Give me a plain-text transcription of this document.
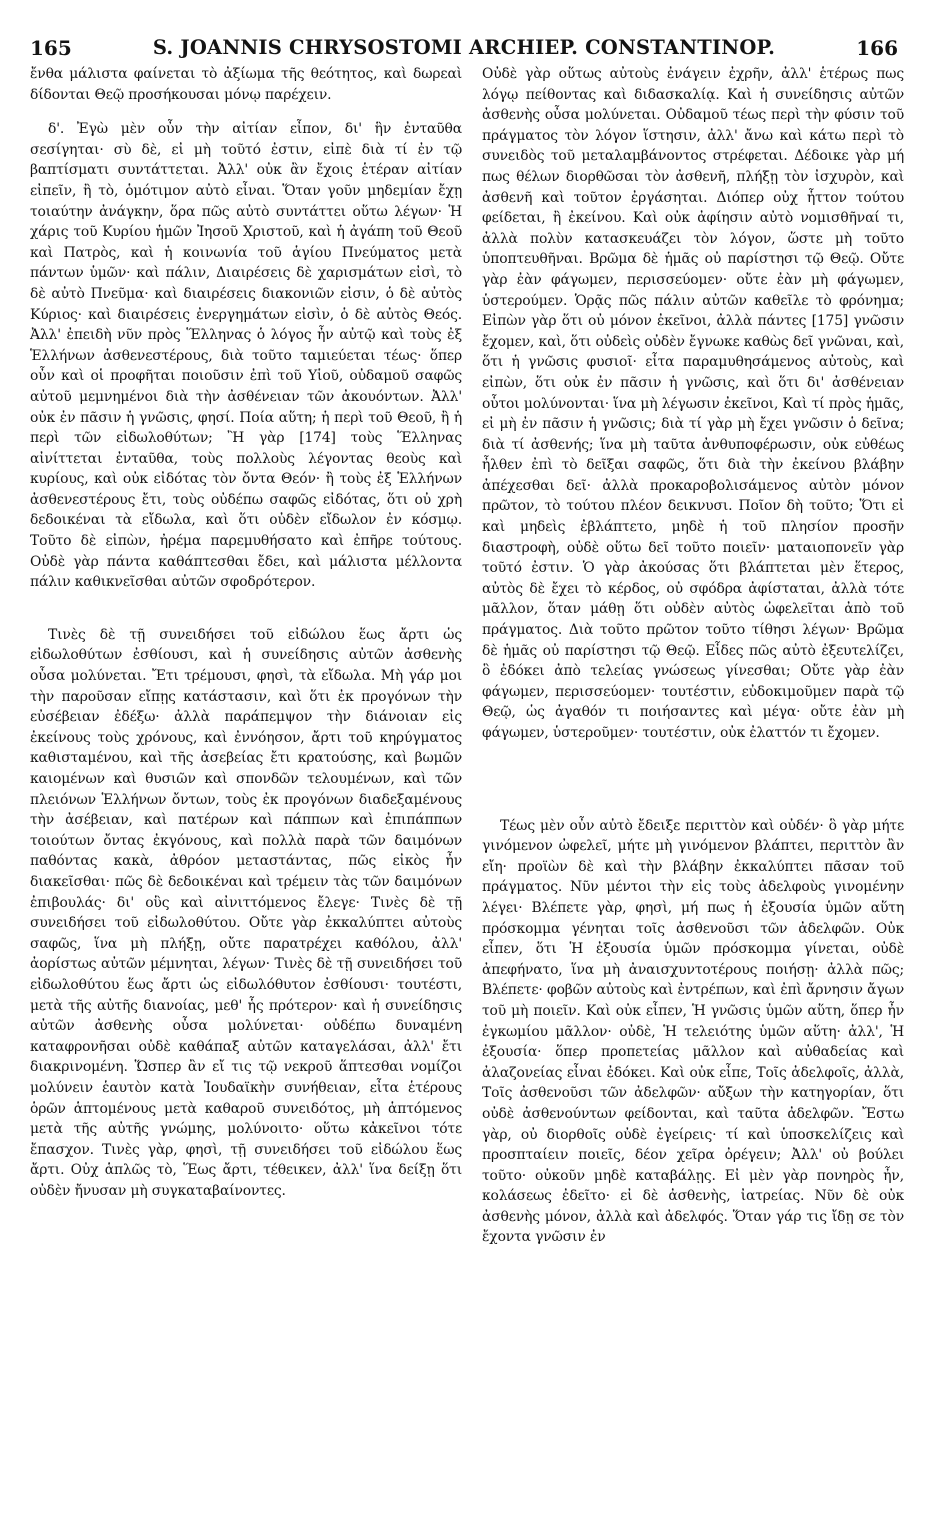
165	S. JOANNIS CHRYSOSTOMI ARCHIEP. CONSTANTINOP.	166

ἔνθα μάλιστα φαίνεται τὸ ἀξίωμα τῆς θεότητος, καὶ δωρεαὶ δίδονται Θεῷ προσήκουσαι μόνῳ παρέχειν.

δ'. Ἐγὼ μὲν οὖν τὴν αἰτίαν εἶπον, δι' ἣν ἐνταῦθα σεσίγηται· σὺ δὲ, εἰ μὴ τοῦτό ἐστιν, εἰπὲ διὰ τί ἐν τῷ βαπτίσματι συντάττεται. Ἀλλ' οὐκ ἂν ἔχοις ἑτέραν αἰτίαν εἰπεῖν, ἢ τὸ, ὁμότιμον αὐτὸ εἶναι. Ὅταν γοῦν μηδεμίαν ἔχῃ τοιαύτην ἀνάγκην, ὅρα πῶς αὐτὸ συντάττει οὕτω λέγων· Ἡ χάρις τοῦ Κυρίου ἡμῶν Ἰησοῦ Χριστοῦ, καὶ ἡ ἀγάπη τοῦ Θεοῦ καὶ Πατρὸς, καὶ ἡ κοινωνία τοῦ ἁγίου Πνεύματος μετὰ πάντων ὑμῶν· καὶ πάλιν, Διαιρέσεις δὲ χαρισμάτων εἰσὶ, τὸ δὲ αὐτὸ Πνεῦμα· καὶ διαιρέσεις διακονιῶν εἰσιν, ὁ δὲ αὐτὸς Κύριος· καὶ διαιρέσεις ἐνεργημάτων εἰσὶν, ὁ δὲ αὐτὸς Θεός. Ἀλλ' ἐπειδὴ νῦν πρὸς Ἕλληνας ὁ λόγος ἦν αὐτῷ καὶ τοὺς ἐξ Ἑλλήνων ἀσθενεστέρους, διὰ τοῦτο ταμιεύεται τέως· ὅπερ οὖν καὶ οἱ προφῆται ποιοῦσιν ἐπὶ τοῦ Υἱοῦ, οὐδαμοῦ σαφῶς αὐτοῦ μεμνημένοι διὰ τὴν ἀσθένειαν τῶν ἀκουόντων. Ἀλλ' οὐκ ἐν πᾶσιν ἡ γνῶσις, φησί. Ποία αὕτη; ἡ περὶ τοῦ Θεοῦ, ἢ ἡ περὶ τῶν εἰδωλοθύτων; Ἢ γὰρ [174] τοὺς Ἕλληνας αἰνίττεται ἐνταῦθα, τοὺς πολλοὺς λέγοντας θεοὺς καὶ κυρίους, καὶ οὐκ εἰδότας τὸν ὄντα Θεόν· ἢ τοὺς ἐξ Ἑλλήνων ἀσθενεστέρους ἔτι, τοὺς οὐδέπω σαφῶς εἰδότας, ὅτι οὐ χρὴ δεδοικέναι τὰ εἴδωλα, καὶ ὅτι οὐδὲν εἴδωλον ἐν κόσμῳ. Τοῦτο δὲ εἰπὼν, ἠρέμα παρεμυθήσατο καὶ ἐπῆρε τούτους. Οὐδὲ γὰρ πάντα καθάπτεσθαι ἔδει, καὶ μάλιστα μέλλοντα πάλιν καθικνεῖσθαι αὐτῶν σφοδρότερον.

Τινὲς δὲ τῇ συνειδήσει τοῦ εἰδώλου ἕως ἄρτι ὡς εἰδωλοθύτων ἐσθίουσι, καὶ ἡ συνείδησις αὐτῶν ἀσθενὴς οὖσα μολύνεται. Ἔτι τρέμουσι, φησὶ, τὰ εἴδωλα. Μὴ γάρ μοι τὴν παροῦσαν εἴπῃς κατάστασιν, καὶ ὅτι ἐκ προγόνων τὴν εὐσέβειαν ἐδέξω· ἀλλὰ παράπεμψον τὴν διάνοιαν εἰς ἐκείνους τοὺς χρόνους, καὶ ἐννόησον, ἄρτι τοῦ κηρύγματος καθισταμένου, καὶ τῆς ἀσεβείας ἔτι κρατούσης, καὶ βωμῶν καιομένων καὶ θυσιῶν καὶ σπονδῶν τελουμένων, καὶ τῶν πλειόνων Ἑλλήνων ὄντων, τοὺς ἐκ προγόνων διαδεξαμένους τὴν ἀσέβειαν, καὶ πατέρων καὶ πάππων καὶ ἐπιπάππων τοιούτων ὄντας ἐκγόνους, καὶ πολλὰ παρὰ τῶν δαιμόνων παθόντας κακὰ, ἀθρόον μεταστάντας, πῶς εἰκὸς ἦν διακεῖσθαι· πῶς δὲ δεδοικέναι καὶ τρέμειν τὰς τῶν δαιμόνων ἐπιβουλάς· δι' οὓς καὶ αἰνιττόμενος ἔλεγε· Τινὲς δὲ τῇ συνειδήσει τοῦ εἰδωλοθύτου. Οὔτε γὰρ ἐκκαλύπτει αὐτοὺς σαφῶς, ἵνα μὴ πλήξῃ, οὔτε παρατρέχει καθόλου, ἀλλ' ἀορίστως αὐτῶν μέμνηται, λέγων· Τινὲς δὲ τῇ συνειδήσει τοῦ εἰδωλοθύτου ἕως ἄρτι ὡς εἰδωλόθυτον ἐσθίουσι· τουτέστι, μετὰ τῆς αὐτῆς διανοίας, μεθ' ἧς πρότερον· καὶ ἡ συνείδησις αὐτῶν ἀσθενὴς οὖσα μολύνεται· οὐδέπω δυναμένη καταφρονῆσαι οὐδὲ καθάπαξ αὐτῶν καταγελάσαι, ἀλλ' ἔτι διακρινομένη. Ὥσπερ ἂν εἴ τις τῷ νεκροῦ ἅπτεσθαι νομίζοι μολύνειν ἑαυτὸν κατὰ Ἰουδαϊκὴν συνήθειαν, εἶτα ἑτέρους ὁρῶν ἁπτομένους μετὰ καθαροῦ συνειδότος, μὴ ἁπτόμενος μετὰ τῆς αὐτῆς γνώμης, μολύνοιτο· οὕτω κἀκεῖνοι τότε ἔπασχον. Τινὲς γὰρ, φησὶ, τῇ συνειδήσει τοῦ εἰδώλου ἕως ἄρτι. Οὐχ ἁπλῶς τὸ, Ἕως ἄρτι, τέθεικεν, ἀλλ' ἵνα δείξῃ ὅτι οὐδὲν ἤνυσαν μὴ συγκαταβαίνοντες.

Οὐδὲ γὰρ οὕτως αὐτοὺς ἐνάγειν ἐχρῆν, ἀλλ' ἑτέρως πως λόγῳ πείθοντας καὶ διδασκαλίᾳ. Καὶ ἡ συνείδησις αὐτῶν ἀσθενὴς οὖσα μολύνεται. Οὐδαμοῦ τέως περὶ τὴν φύσιν τοῦ πράγματος τὸν λόγον ἵστησιν, ἀλλ' ἄνω καὶ κάτω περὶ τὸ συνειδὸς τοῦ μεταλαμβάνοντος στρέφεται. Δέδοικε γὰρ μή πως θέλων διορθῶσαι τὸν ἀσθενῆ, πλήξῃ τὸν ἰσχυρὸν, καὶ ἀσθενῆ καὶ τοῦτον ἐργάσηται. Διόπερ οὐχ ἧττον τούτου φείδεται, ἢ ἐκείνου. Καὶ οὐκ ἀφίησιν αὐτὸ νομισθῆναί τι, ἀλλὰ πολὺν κατασκευάζει τὸν λόγον, ὥστε μὴ τοῦτο ὑποπτευθῆναι. Βρῶμα δὲ ἡμᾶς οὐ παρίστησι τῷ Θεῷ. Οὔτε γὰρ ἐὰν φάγωμεν, περισσεύομεν· οὔτε ἐὰν μὴ φάγωμεν, ὑστερούμεν. Ὁρᾷς πῶς πάλιν αὐτῶν καθεῖλε τὸ φρόνημα; Εἰπὼν γὰρ ὅτι οὐ μόνον ἐκεῖνοι, ἀλλὰ πάντες [175] γνῶσιν ἔχομεν, καὶ, ὅτι οὐδεὶς οὐδὲν ἔγνωκε καθὼς δεῖ γνῶναι, καὶ, ὅτι ἡ γνῶσις φυσιοῖ· εἶτα παραμυθησάμενος αὐτοὺς, καὶ εἰπὼν, ὅτι οὐκ ἐν πᾶσιν ἡ γνῶσις, καὶ ὅτι δι' ἀσθένειαν οὗτοι μολύνονται· ἵνα μὴ λέγωσιν ἐκεῖνοι, Καὶ τί πρὸς ἡμᾶς, εἰ μὴ ἐν πᾶσιν ἡ γνῶσις; διὰ τί γὰρ μὴ ἔχει γνῶσιν ὁ δεῖνα; διὰ τί ἀσθενής; ἵνα μὴ ταῦτα ἀνθυποφέρωσιν, οὐκ εὐθέως ἦλθεν ἐπὶ τὸ δεῖξαι σαφῶς, ὅτι διὰ τὴν ἐκείνου βλάβην ἀπέχεσθαι δεῖ· ἀλλὰ προκαροβολισάμενος αὐτὸν μόνον πρῶτον, τὸ τούτου πλέον δεικνυσι. Ποῖον δὴ τοῦτο; Ὅτι εἰ καὶ μηδεὶς ἐβλάπτετο, μηδὲ ἡ τοῦ πλησίον προσῆν διαστροφὴ, οὐδὲ οὕτω δεῖ τοῦτο ποιεῖν· ματαιοπονεῖν γὰρ τοῦτό ἐστιν. Ὁ γὰρ ἀκούσας ὅτι βλάπτεται μὲν ἕτερος, αὐτὸς δὲ ἔχει τὸ κέρδος, οὐ σφόδρα ἀφίσταται, ἀλλὰ τότε μᾶλλον, ὅταν μάθῃ ὅτι οὐδὲν αὐτὸς ὠφελεῖται ἀπὸ τοῦ πράγματος. Διὰ τοῦτο πρῶτον τοῦτο τίθησι λέγων· Βρῶμα δὲ ἡμᾶς οὐ παρίστησι τῷ Θεῷ. Εἶδες πῶς αὐτὸ ἐξευτελίζει, ὃ ἐδόκει ἀπὸ τελείας γνώσεως γίνεσθαι; Οὔτε γὰρ ἐὰν φάγωμεν, περισσεύομεν· τουτέστιν, εὐδοκιμοῦμεν παρὰ τῷ Θεῷ, ὡς ἀγαθόν τι ποιήσαντες καὶ μέγα· οὔτε ἐὰν μὴ φάγωμεν, ὑστεροῦμεν· τουτέστιν, οὐκ ἐλαττόν τι ἔχομεν.

Τέως μὲν οὖν αὐτὸ ἔδειξε περιττὸν καὶ οὐδέν· ὃ γὰρ μήτε γινόμενον ὠφελεῖ, μήτε μὴ γινόμενον βλάπτει, περιττὸν ἂν εἴη· προϊὼν δὲ καὶ τὴν βλάβην ἐκκαλύπτει πᾶσαν τοῦ πράγματος. Νῦν μέντοι τὴν εἰς τοὺς ἀδελφοὺς γινομένην λέγει· Βλέπετε γὰρ, φησὶ, μή πως ἡ ἐξουσία ὑμῶν αὕτη πρόσκομμα γένηται τοῖς ἀσθενοῦσι τῶν ἀδελφῶν. Οὐκ εἶπεν, ὅτι Ἡ ἐξουσία ὑμῶν πρόσκομμα γίνεται, οὐδὲ ἀπεφήνατο, ἵνα μὴ ἀναισχυντοτέρους ποιήσῃ· ἀλλὰ πῶς; Βλέπετε· φοβῶν αὐτοὺς καὶ ἐντρέπων, καὶ ἐπὶ ἄρνησιν ἄγων τοῦ μὴ ποιεῖν. Καὶ οὐκ εἶπεν, Ἡ γνῶσις ὑμῶν αὕτη, ὅπερ ἦν ἐγκωμίου μᾶλλον· οὐδὲ, Ἡ τελειότης ὑμῶν αὕτη· ἀλλ', Ἡ ἐξουσία· ὅπερ προπετείας μᾶλλον καὶ αὐθαδείας καὶ ἀλαζονείας εἶναι ἐδόκει. Καὶ οὐκ εἶπε, Τοῖς ἀδελφοῖς, ἀλλὰ, Τοῖς ἀσθενοῦσι τῶν ἀδελφῶν· αὔξων τὴν κατηγορίαν, ὅτι οὐδὲ ἀσθενούντων φείδονται, καὶ ταῦτα ἀδελφῶν. Ἔστω γὰρ, οὐ διορθοῖς οὐδὲ ἐγείρεις· τί καὶ ὑποσκελίζεις καὶ προσπταίειν ποιεῖς, δέον χεῖρα ὀρέγειν; Ἀλλ' οὐ βούλει τοῦτο· οὐκοῦν μηδὲ καταβάλῃς. Εἰ μὲν γὰρ πονηρὸς ἦν, κολάσεως ἐδεῖτο· εἰ δὲ ἀσθενὴς, ἰατρείας. Νῦν δὲ οὐκ ἀσθενὴς μόνον, ἀλλὰ καὶ ἀδελφός. Ὅταν γάρ τις ἴδῃ σε τὸν ἔχοντα γνῶσιν ἐν
